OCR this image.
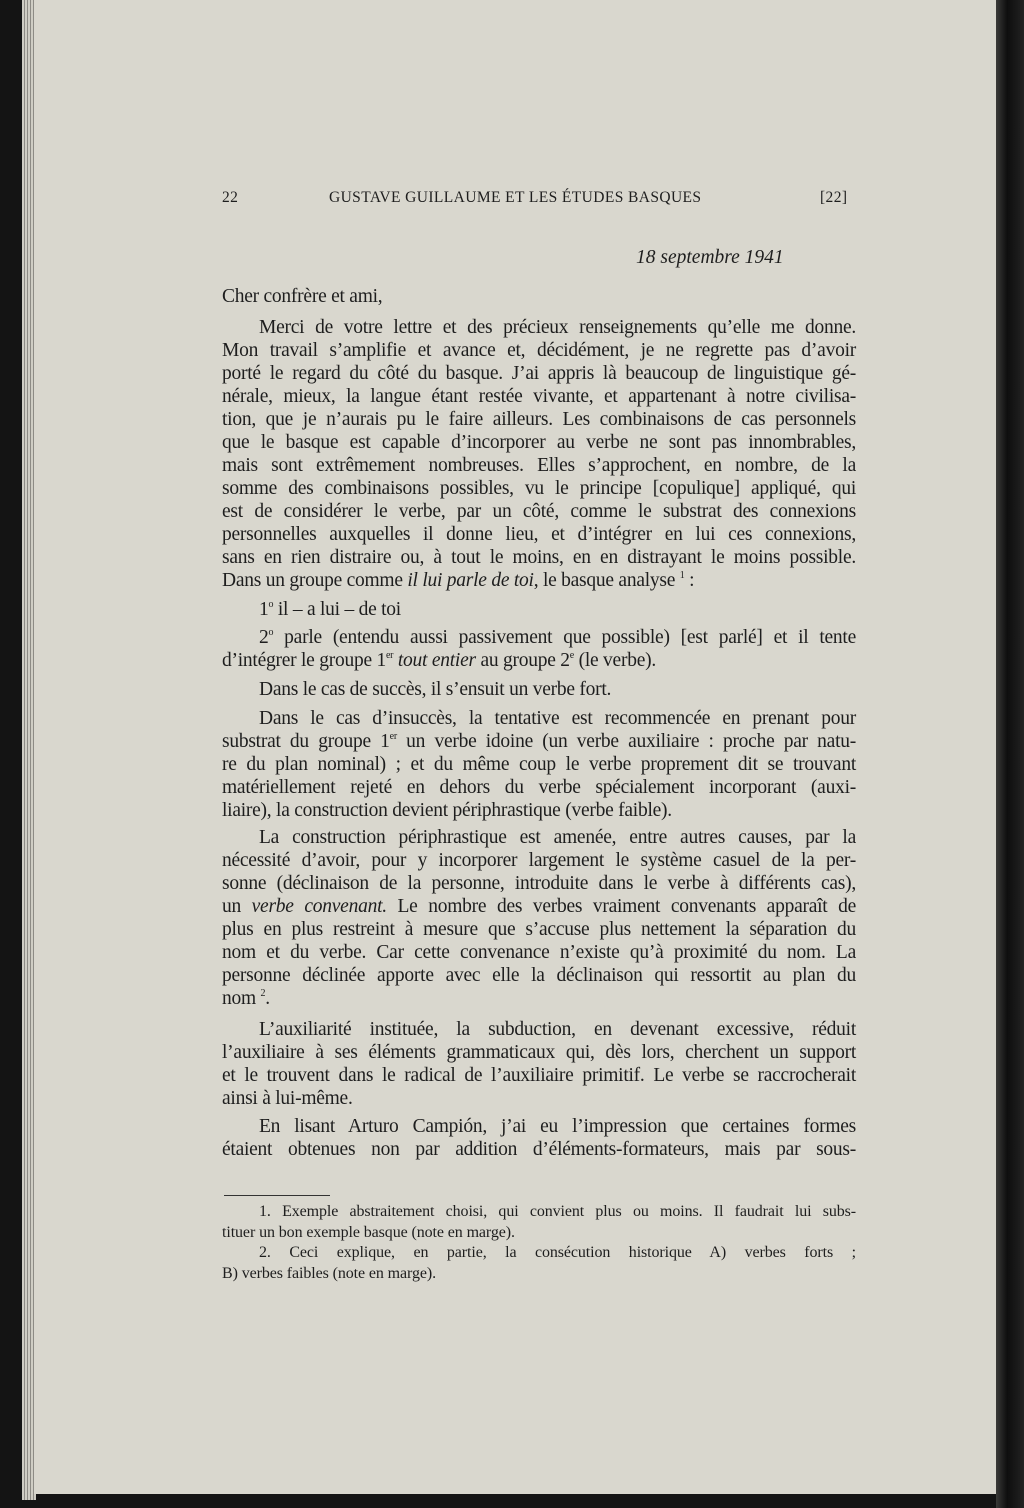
22	GUSTAVE GUILLAUME ET LES ÉTUDES BASQUES	[22]
18 septembre 1941
Cher confrère et ami,
Merci de votre lettre et des précieux renseignements qu’elle me donne.
Mon travail s’amplifie et avance et, décidément, je ne regrette pas d’avoir
porté le regard du côté du basque. J’ai appris là beaucoup de linguistique gé-
nérale, mieux, la langue étant restée vivante, et appartenant à notre civilisa-
tion, que je n’aurais pu le faire ailleurs. Les combinaisons de cas personnels
que le basque est capable d’incorporer au verbe ne sont pas innombrables,
mais sont extrêmement nombreuses. Elles s’approchent, en nombre, de la
somme des combinaisons possibles, vu le principe [copulique] appliqué, qui
est de considérer le verbe, par un côté, comme le substrat des connexions
personnelles auxquelles il donne lieu, et d’intégrer en lui ces connexions,
sans en rien distraire ou, à tout le moins, en en distrayant le moins possible.
Dans un groupe comme il lui parle de toi, le basque analyse $^1$ :
1$^o$ il – a lui – de toi
2$^o$ parle (entendu aussi passivement que possible) [est parlé] et il tente
d’intégrer le groupe 1er tout entier au groupe 2e (le verbe).
Dans le cas de succès, il s’ensuit un verbe fort.
Dans le cas d’insuccès, la tentative est recommencée en prenant pour
substrat du groupe 1er un verbe idoine (un verbe auxiliaire : proche par natu-
re du plan nominal) ; et du même coup le verbe proprement dit se trouvant
matériellement rejeté en dehors du verbe spécialement incorporant (auxi-
liaire), la construction devient périphrastique (verbe faible).
La construction périphrastique est amenée, entre autres causes, par la
nécessité d’avoir, pour y incorporer largement le système casuel de la per-
sonne (déclinaison de la personne, introduite dans le verbe à différents cas),
un verbe convenant. Le nombre des verbes vraiment convenants apparaît de
plus en plus restreint à mesure que s’accuse plus nettement la séparation du
nom et du verbe. Car cette convenance n’existe qu’à proximité du nom. La
personne déclinée apporte avec elle la déclinaison qui ressortit au plan du
nom $^2$.
L’auxiliarité instituée, la subduction, en devenant excessive, réduit
l’auxiliaire à ses éléments grammaticaux qui, dès lors, cherchent un support
et le trouvent dans le radical de l’auxiliaire primitif. Le verbe se raccrocherait
ainsi à lui-même.
En lisant Arturo Campión, j’ai eu l’impression que certaines formes
étaient obtenues non par addition d’éléments-formateurs, mais par sous-
1. Exemple abstraitement choisi, qui convient plus ou moins. Il faudrait lui subs-
tituer un bon exemple basque (note en marge).
2. Ceci explique, en partie, la consécution historique A) verbes forts ;
B) verbes faibles (note en marge).
